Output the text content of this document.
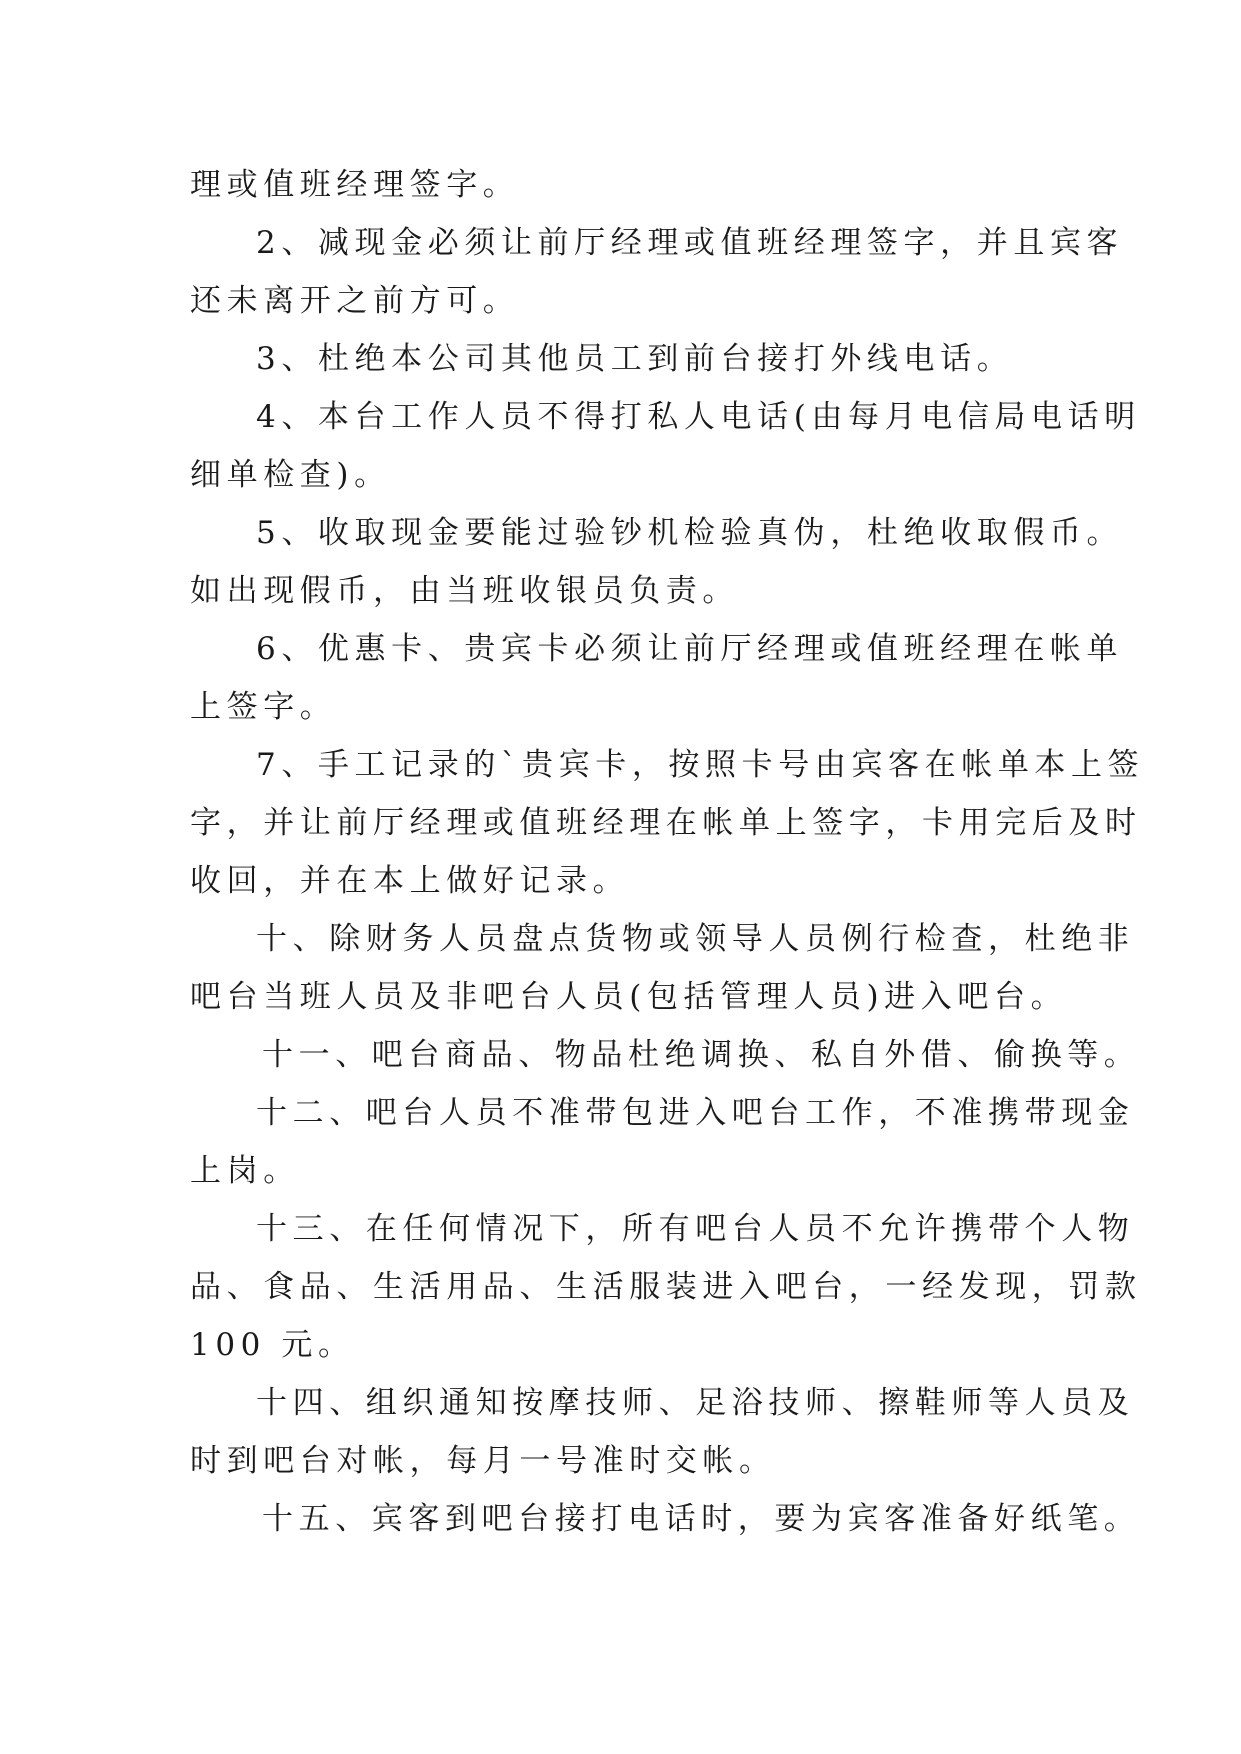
理或值班经理签字。
2、减现金必须让前厅经理或值班经理签字，并且宾客
还未离开之前方可。
3、杜绝本公司其他员工到前台接打外线电话。
4、本台工作人员不得打私人电话(由每月电信局电话明
细单检查)。
5、收取现金要能过验钞机检验真伪，杜绝收取假币。
如出现假币，由当班收银员负责。
6、优惠卡、贵宾卡必须让前厅经理或值班经理在帐单
上签字。
7、手工记录的`贵宾卡，按照卡号由宾客在帐单本上签
字，并让前厅经理或值班经理在帐单上签字，卡用完后及时
收回，并在本上做好记录。
十、除财务人员盘点货物或领导人员例行检查，杜绝非
吧台当班人员及非吧台人员(包括管理人员)进入吧台。
十一、吧台商品、物品杜绝调换、私自外借、偷换等。
十二、吧台人员不准带包进入吧台工作，不准携带现金
上岗。
十三、在任何情况下，所有吧台人员不允许携带个人物
品、食品、生活用品、生活服装进入吧台，一经发现，罚款
100 元。
十四、组织通知按摩技师、足浴技师、擦鞋师等人员及
时到吧台对帐，每月一号准时交帐。
十五、宾客到吧台接打电话时，要为宾客准备好纸笔。
